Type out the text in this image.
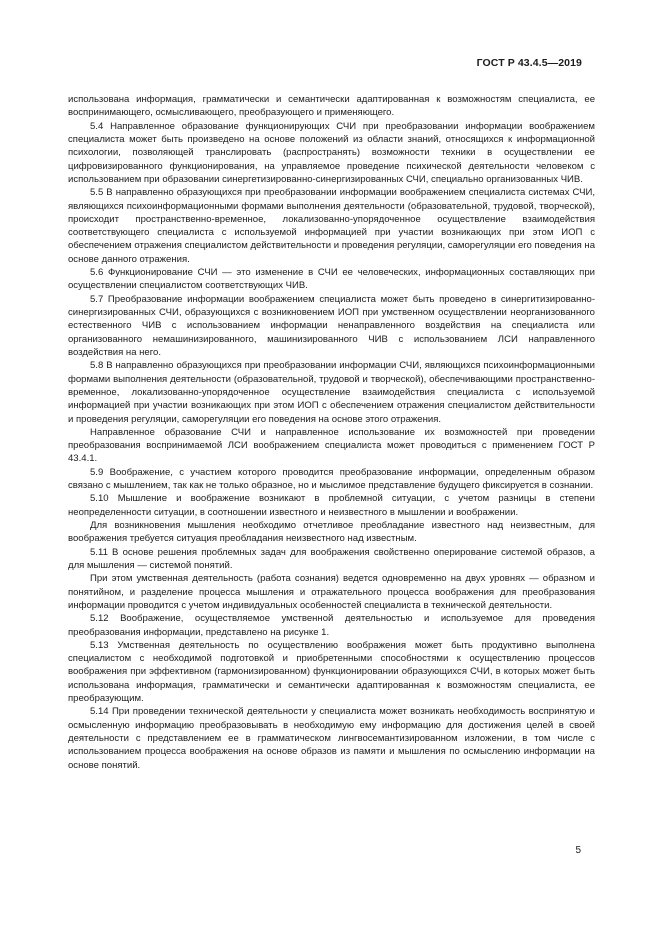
ГОСТ Р 43.4.5—2019

использована информация, грамматически и семантически адаптированная к возможностям специалиста, ее воспринимающего, осмысливающего, преобразующего и применяющего.

5.4 Направленное образование функционирующих СЧИ при преобразовании информации воображением специалиста может быть произведено на основе положений из области знаний, относящихся к информационной психологии, позволяющей транслировать (распространять) возможности техники в осуществлении ее цифровизированного функционирования, на управляемое проведение психической деятельности человеком с использованием при образовании синергетизированно-синергизированных СЧИ, специально организованных ЧИВ.

5.5 В направленно образующихся при преобразовании информации воображением специалиста системах СЧИ, являющихся психоинформационными формами выполнения деятельности (образовательной, трудовой, творческой), происходит пространственно-временное, локализованно-упорядоченное осуществление взаимодействия соответствующего специалиста с используемой информацией при участии возникающих при этом ИОП с обеспечением отражения специалистом действительности и проведения регуляции, саморегуляции его поведения на основе данного отражения.

5.6 Функционирование СЧИ — это изменение в СЧИ ее человеческих, информационных составляющих при осуществлении специалистом соответствующих ЧИВ.

5.7 Преобразование информации воображением специалиста может быть проведено в синергитизированно-синергизированных СЧИ, образующихся с возникновением ИОП при умственном осуществлении неорганизованного естественного ЧИВ с использованием информации ненаправленного воздействия на специалиста или организованного немашинизированного, машинизированного ЧИВ с использованием ЛСИ направленного воздействия на него.

5.8 В направленно образующихся при преобразовании информации СЧИ, являющихся психоинформационными формами выполнения деятельности (образовательной, трудовой и творческой), обеспечивающими пространственно-временное, локализованно-упорядоченное осуществление взаимодействия специалиста с используемой информацией при участии возникающих при этом ИОП с обеспечением отражения специалистом действительности и проведения регуляции, саморегуляции его поведения на основе этого отражения.

Направленное образование СЧИ и направленное использование их возможностей при проведении преобразования воспринимаемой ЛСИ воображением специалиста может проводиться с применением ГОСТ Р 43.4.1.

5.9 Воображение, с участием которого проводится преобразование информации, определенным образом связано с мышлением, так как не только образное, но и мыслимое представление будущего фиксируется в сознании.

5.10 Мышление и воображение возникают в проблемной ситуации, с учетом разницы в степени неопределенности ситуации, в соотношении известного и неизвестного в мышлении и воображении.

Для возникновения мышления необходимо отчетливое преобладание известного над неизвестным, для воображения требуется ситуация преобладания неизвестного над известным.

5.11 В основе решения проблемных задач для воображения свойственно оперирование системой образов, а для мышления — системой понятий.

При этом умственная деятельность (работа сознания) ведется одновременно на двух уровнях — образном и понятийном, и разделение процесса мышления и отражательного процесса воображения для преобразования информации проводится с учетом индивидуальных особенностей специалиста в технической деятельности.

5.12 Воображение, осуществляемое умственной деятельностью и используемое для проведения преобразования информации, представлено на рисунке 1.

5.13 Умственная деятельность по осуществлению воображения может быть продуктивно выполнена специалистом с необходимой подготовкой и приобретенными способностями к осуществлению процессов воображения при эффективном (гармонизированном) функционировании образующихся СЧИ, в которых может быть использована информация, грамматически и семантически адаптированная к возможностям специалиста, ее преобразующим.

5.14 При проведении технической деятельности у специалиста может возникать необходимость воспринятую и осмысленную информацию преобразовывать в необходимую ему информацию для достижения целей в своей деятельности с представлением ее в грамматическом лингвосемантизированном изложении, в том числе с использованием процесса воображения на основе образов из памяти и мышления по осмыслению информации на основе понятий.

5
